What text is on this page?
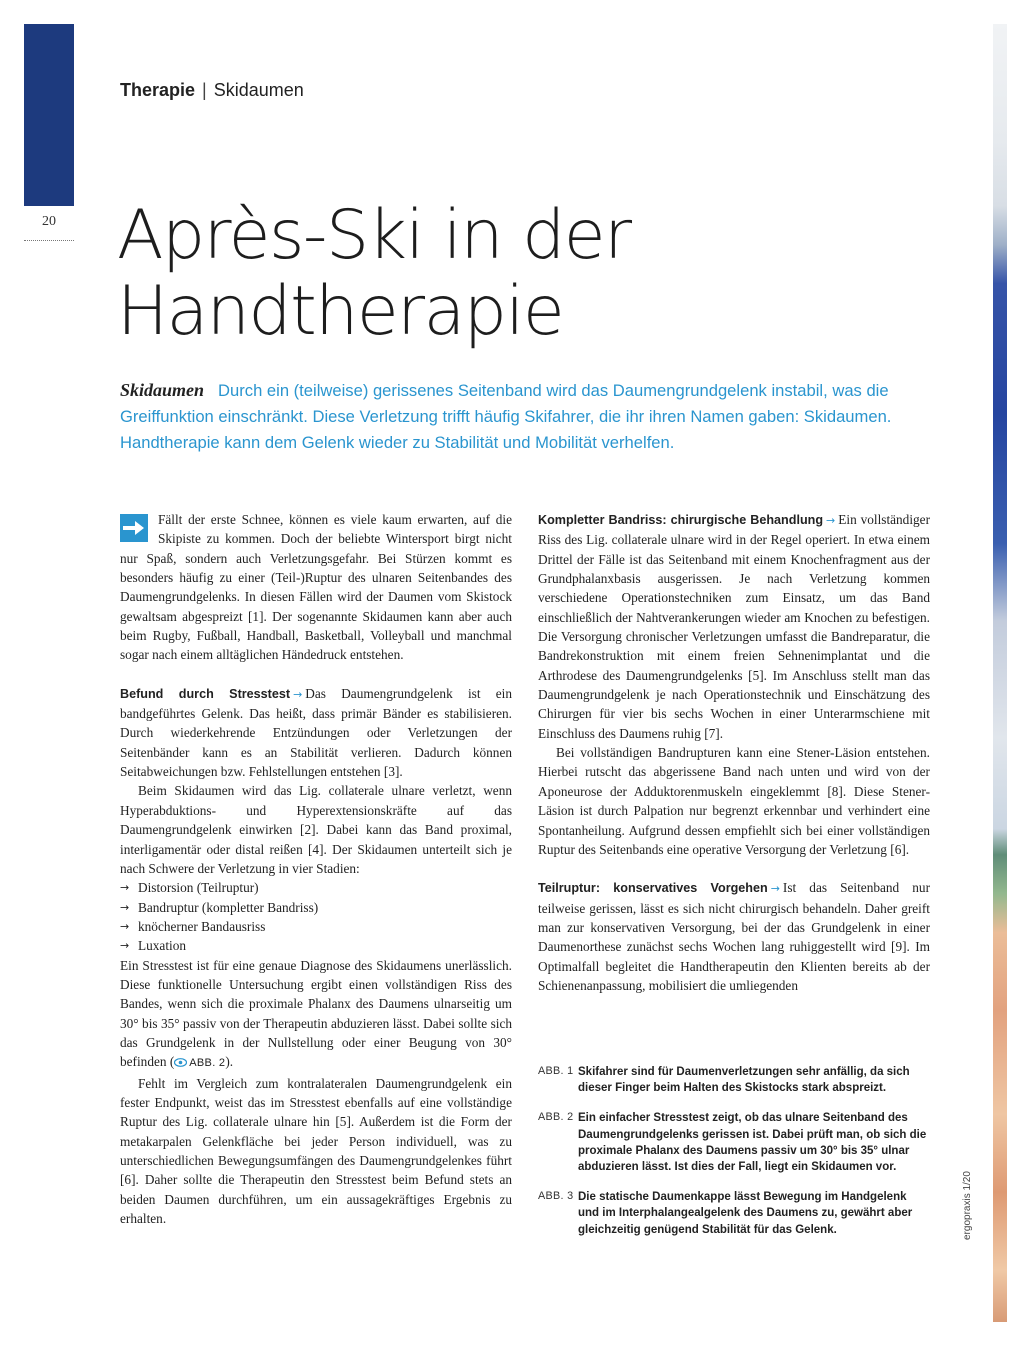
20
Therapie | Skidaumen
Après-Ski in der
Handtherapie
Skidaumen Durch ein (teilweise) gerissenes Seitenband wird das Daumengrundgelenk instabil, was die Greiffunktion einschränkt. Diese Verletzung trifft häufig Skifahrer, die ihr ihren Namen gaben: Skidaumen. Handtherapie kann dem Gelenk wieder zu Stabilität und Mobilität verhelfen.

Fällt der erste Schnee, können es viele kaum erwarten, auf die Skipiste zu kommen. Doch der beliebte Wintersport birgt nicht nur Spaß, sondern auch Verletzungsgefahr. Bei Stürzen kommt es besonders häufig zu einer (Teil-)Ruptur des ulnaren Seitenbandes des Daumengrundgelenks. In diesen Fällen wird der Daumen vom Skistock gewaltsam abgespreizt [1]. Der sogenannte Skidaumen kann aber auch beim Rugby, Fußball, Handball, Basketball, Volleyball und manchmal sogar nach einem alltäglichen Händedruck entstehen.

Befund durch Stresstest → Das Daumengrundgelenk ist ein bandgeführtes Gelenk. Das heißt, dass primär Bänder es stabilisieren. Durch wiederkehrende Entzündungen oder Verletzungen der Seitenbänder kann es an Stabilität verlieren. Dadurch können Seitabweichungen bzw. Fehlstellungen entstehen [3].

Beim Skidaumen wird das Lig. collaterale ulnare verletzt, wenn Hyperabduktions- und Hyperextensionskräfte auf das Daumengrundgelenk einwirken [2]. Dabei kann das Band proximal, interligamentär oder distal reißen [4]. Der Skidaumen unterteilt sich je nach Schwere der Verletzung in vier Stadien:

→ Distorsion (Teilruptur)
→ Bandruptur (kompletter Bandriss)
→ knöcherner Bandausriss
→ Luxation

Ein Stresstest ist für eine genaue Diagnose des Skidaumens unerlässlich. Diese funktionelle Untersuchung ergibt einen vollständigen Riss des Bandes, wenn sich die proximale Phalanx des Daumens ulnarseitig um 30° bis 35° passiv von der Therapeutin abduzieren lässt. Dabei sollte sich das Grundgelenk in der Nullstellung oder einer Beugung von 30° befinden ( ABB. 2).

Fehlt im Vergleich zum kontralateralen Daumengrundgelenk ein fester Endpunkt, weist das im Stresstest ebenfalls auf eine vollständige Ruptur des Lig. collaterale ulnare hin [5]. Außerdem ist die Form der metakarpalen Gelenkfläche bei jeder Person individuell, was zu unterschiedlichen Bewegungsumfängen des Daumengrundgelenkes führt [6]. Daher sollte die Therapeutin den Stresstest beim Befund stets an beiden Daumen durchführen, um ein aussagekräftiges Ergebnis zu erhalten.

Kompletter Bandriss: chirurgische Behandlung → Ein vollständiger Riss des Lig. collaterale ulnare wird in der Regel operiert. In etwa einem Drittel der Fälle ist das Seitenband mit einem Knochenfragment aus der Grundphalanxbasis ausgerissen. Je nach Verletzung kommen verschiedene Operationstechniken zum Einsatz, um das Band einschließlich der Nahtverankerungen wieder am Knochen zu befestigen. Die Versorgung chronischer Verletzungen umfasst die Bandreparatur, die Bandrekonstruktion mit einem freien Sehnenimplantat und die Arthrodese des Daumengrundgelenks [5]. Im Anschluss stellt man das Daumengrundgelenk je nach Operationstechnik und Einschätzung des Chirurgen für vier bis sechs Wochen in einer Unterarmschiene mit Einschluss des Daumens ruhig [7].

Bei vollständigen Bandrupturen kann eine Stener-Läsion entstehen. Hierbei rutscht das abgerissene Band nach unten und wird von der Aponeurose der Adduktorenmuskeln eingeklemmt [8]. Diese Stener-Läsion ist durch Palpation nur begrenzt erkennbar und verhindert eine Spontanheilung. Aufgrund dessen empfiehlt sich bei einer vollständigen Ruptur des Seitenbands eine operative Versorgung der Verletzung [6].

Teilruptur: konservatives Vorgehen → Ist das Seitenband nur teilweise gerissen, lässt es sich nicht chirurgisch behandeln. Daher greift man zur konservativen Versorgung, bei der das Grundgelenk in einer Daumenorthese zunächst sechs Wochen lang ruhiggestellt wird [9]. Im Optimalfall begleitet die Handtherapeutin den Klienten bereits ab der Schienenanpassung, mobilisiert die umliegenden

ABB. 1 Skifahrer sind für Daumenverletzungen sehr anfällig, da sich dieser Finger beim Halten des Skistocks stark abspreizt.
ABB. 2 Ein einfacher Stresstest zeigt, ob das ulnare Seitenband des Daumengrundgelenks gerissen ist. Dabei prüft man, ob sich die proximale Phalanx des Daumens passiv um 30° bis 35° ulnar abduzieren lässt. Ist dies der Fall, liegt ein Skidaumen vor.
ABB. 3 Die statische Daumenkappe lässt Bewegung im Handgelenk und im Interphalangealgelenk des Daumens zu, gewährt aber gleichzeitig genügend Stabilität für das Gelenk.	ergopraxis 1/20
